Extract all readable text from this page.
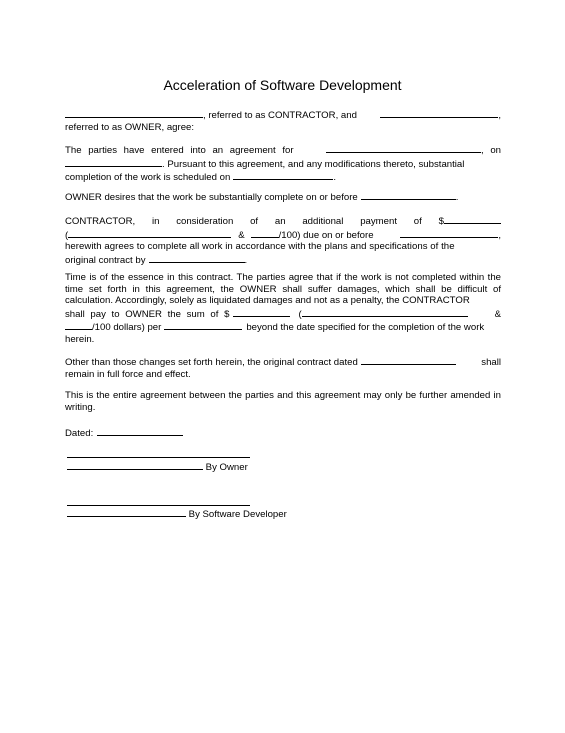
Acceleration of Software Development
, referred to as CONTRACTOR, and	,
referred to as OWNER, agree:
The parties have entered into an agreement for	, on
. Pursuant to this agreement, and any modifications thereto, substantial
completion of the work is scheduled on	.
OWNER desires that the work be substantially complete on or before	.
CONTRACTOR, in consideration of an additional payment of $
(	&	/100) due on or before	,
herewith agrees to complete all work in accordance with the plans and specifications of the
original contract by	.
Time is of the essence in this contract. The parties agree that if the work is not completed within the time set forth in this agreement, the OWNER shall suffer damages, which shall be difficult of calculation. Accordingly, solely as liquidated damages and not as a penalty, the CONTRACTOR
shall pay to OWNER the sum of $	(	&
/100 dollars) per	beyond the date specified for the completion of the work
herein.
Other than those changes set forth herein, the original contract dated	shall
remain in full force and effect.
This is the entire agreement between the parties and this agreement may only be further amended in writing.
Dated:
By Owner
By Software Developer
